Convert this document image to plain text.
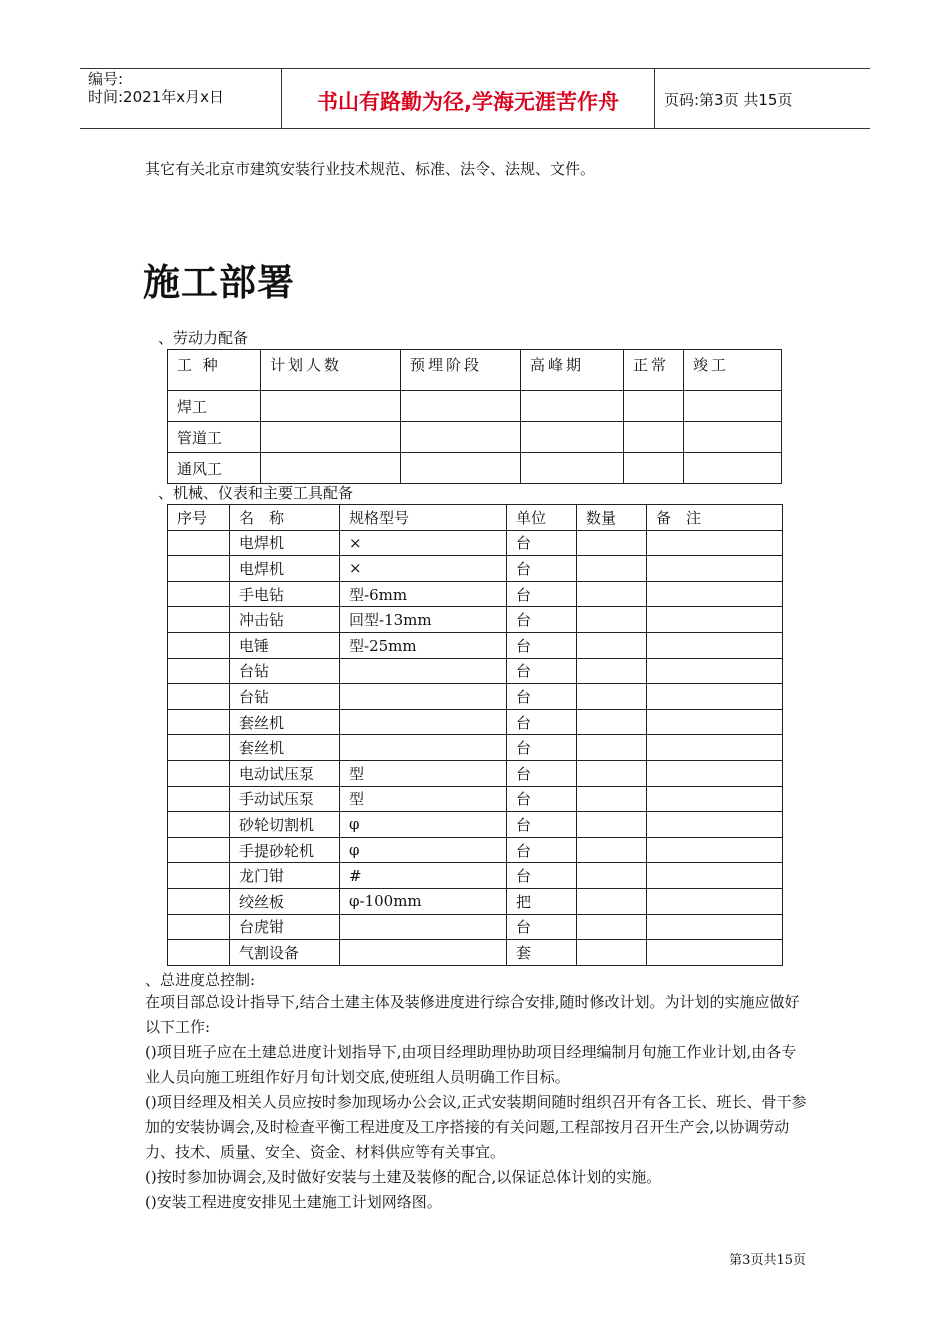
编号:
时间:2021年x月x日	书山有路勤为径,学海无涯苦作舟	页码:第3页 共15页
其它有关北京市建筑安装行业技术规范、标准、法令、法规、文件。
施工部署
、劳动力配备
工 种	计划人数	预埋阶段	高峰期	正常	竣工
焊工					
管道工					
通风工					
、机械、仪表和主要工具配备
序号	名　称	规格型号	单位	数量	备　注
	电焊机	×	台		
	电焊机	×	台		
	手电钻	型-6mm	台		
	冲击钻	回型-13mm	台		
	电锤	型-25mm	台		
	台钻		台		
	台钻		台		
	套丝机		台		
	套丝机		台		
	电动试压泵	型	台		
	手动试压泵	型	台		
	砂轮切割机	φ	台		
	手提砂轮机	φ	台		
	龙门钳	#	台		
	绞丝板	φ-100mm	把		
	台虎钳		台		
	气割设备		套		
、总进度总控制:
在项目部总设计指导下,结合土建主体及装修进度进行综合安排,随时修改计划。为计划的实施应做好以下工作:
()项目班子应在土建总进度计划指导下,由项目经理助理协助项目经理编制月旬施工作业计划,由各专业人员向施工班组作好月旬计划交底,使班组人员明确工作目标。
()项目经理及相关人员应按时参加现场办公会议,正式安装期间随时组织召开有各工长、班长、骨干参加的安装协调会,及时检查平衡工程进度及工序搭接的有关问题,工程部按月召开生产会,以协调劳动力、技术、质量、安全、资金、材料供应等有关事宜。
()按时参加协调会,及时做好安装与土建及装修的配合,以保证总体计划的实施。
()安装工程进度安排见土建施工计划网络图。
第3页共15页
